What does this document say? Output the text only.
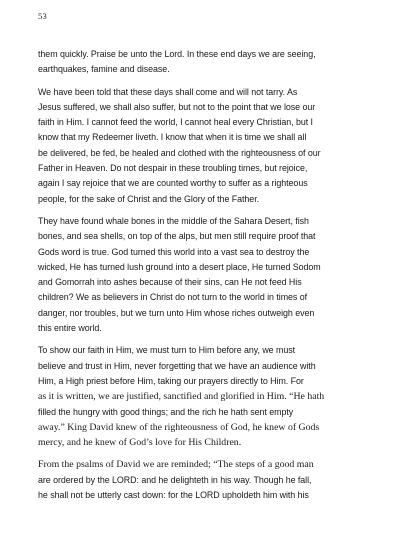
53

them quickly. Praise be unto the Lord. In these end days we are seeing,
earthquakes, famine and disease.

We have been told that these days shall come and will not tarry. As
Jesus suffered, we shall also suffer, but not to the point that we lose our
faith in Him. I cannot feed the world, I cannot heal every Christian, but I
know that my Redeemer liveth. I know that when it is time we shall all
be delivered, be fed, be healed and clothed with the righteousness of our
Father in Heaven. Do not despair in these troubling times, but rejoice,
again I say rejoice that we are counted worthy to suffer as a righteous
people, for the sake of Christ and the Glory of the Father.

They have found whale bones in the middle of the Sahara Desert, fish
bones, and sea shells, on top of the alps, but men still require proof that
Gods word is true. God turned this world into a vast sea to destroy the
wicked, He has turned lush ground into a desert place, He turned Sodom
and Gomorrah into ashes because of their sins, can He not feed His
children? We as believers in Christ do not turn to the world in times of
danger, nor troubles, but we turn unto Him whose riches outweigh even
this entire world.

To show our faith in Him, we must turn to Him before any, we must
believe and trust in Him, never forgetting that we have an audience with
Him, a High priest before Him, taking our prayers directly to Him. For
as it is written, we are justified, sanctified and glorified in Him. “He hath
filled the hungry with good things; and the rich he hath sent empty
away.” King David knew of the righteousness of God, he knew of Gods
mercy, and he knew of God’s love for His Children.

From the psalms of David we are reminded; “The steps of a good man
are ordered by the LORD: and he delighteth in his way. Though he fall,
he shall not be utterly cast down: for the LORD upholdeth him with his
